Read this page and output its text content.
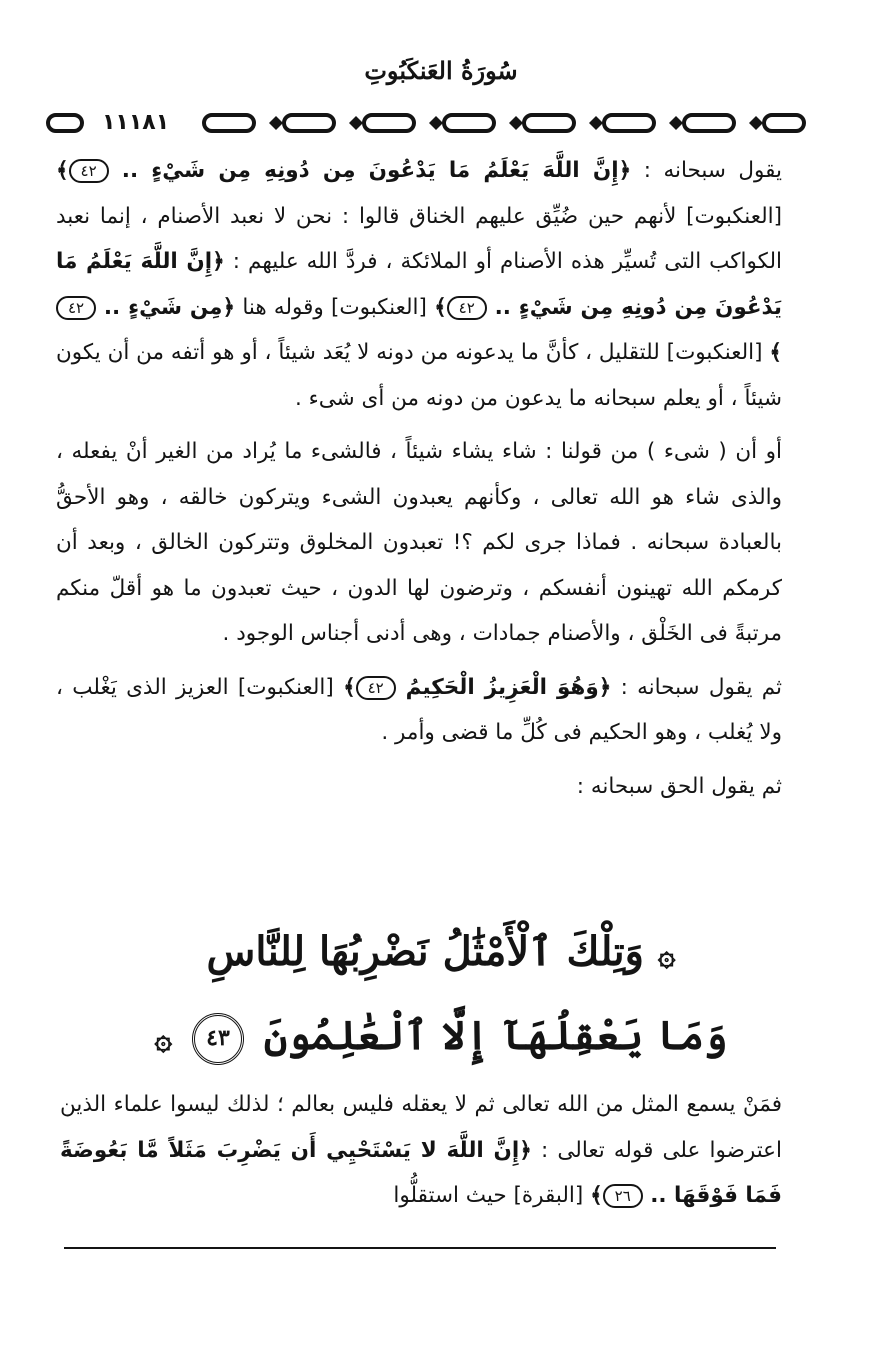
سُورَةُ العَنكَبُوتِ
١١١٨١

يقول سبحانه : ﴿إِنَّ اللَّهَ يَعْلَمُ مَا يَدْعُونَ مِن دُونِهِ مِن شَيْءٍ .. ٤٢﴾ [العنكبوت] لأنهم حين ضُيِّق عليهم الخناق قالوا : نحن لا نعبد الأصنام ، إنما نعبد الكواكب التى تُسيِّر هذه الأصنام أو الملائكة ، فردَّ الله عليهم : ﴿إِنَّ اللَّهَ يَعْلَمُ مَا يَدْعُونَ مِن دُونِهِ مِن شَيْءٍ .. ٤٢﴾ [العنكبوت] وقوله هنا ﴿مِن شَيْءٍ .. ٤٢﴾ [العنكبوت] للتقليل ، كأنَّ ما يدعونه من دونه لا يُعَد شيئاً ، أو هو أتفه من أن يكون شيئاً ، أو يعلم سبحانه ما يدعون من دونه من أى شىء .

أو أن ( شىء ) من قولنا : شاء يشاء شيئاً ، فالشىء ما يُراد من الغير أنْ يفعله ، والذى شاء هو الله تعالى ، وكأنهم يعبدون الشىء ويتركون خالقه ، وهو الأحقُّ بالعبادة سبحانه . فماذا جرى لكم ؟! تعبدون المخلوق وتتركون الخالق ، وبعد أن كرمكم الله تهينون أنفسكم ، وترضون لها الدون ، حيث تعبدون ما هو أقلّ منكم مرتبةً فى الخَلْق ، والأصنام جمادات ، وهى أدنى أجناس الوجود .

ثم يقول سبحانه : ﴿وَهُوَ الْعَزِيزُ الْحَكِيمُ ٤٢﴾ [العنكبوت] العزيز الذى يَغْلب ، ولا يُغلب ، وهو الحكيم فى كُلِّ ما قضى وأمر .

ثم يقول الحق سبحانه :

۞ وَتِلْكَ ٱلْأَمْثَٰلُ نَضْرِبُهَا لِلنَّاسِ
وَمَا يَعْقِلُهَآ إِلَّا ٱلْعَٰلِمُونَ ٤٣ ۞

فمَنْ يسمع المثل من الله تعالى ثم لا يعقله فليس بعالم ؛ لذلك ليسوا علماء الذين اعترضوا على قوله تعالى : ﴿إِنَّ اللَّهَ لا يَسْتَحْيِي أَن يَضْرِبَ مَثَلاً مَّا بَعُوضَةً فَمَا فَوْقَهَا .. ٢٦﴾ [البقرة] حيث استقلُّوا
